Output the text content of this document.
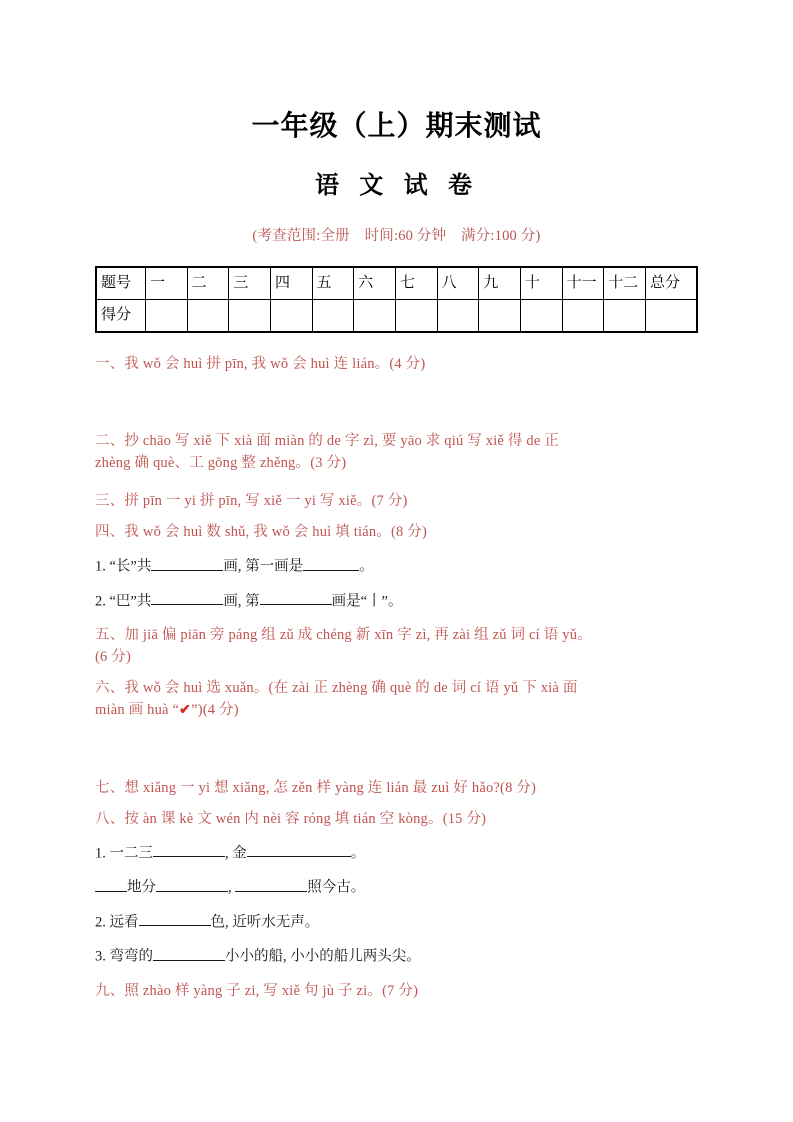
一年级（上）期末测试
语 文 试 卷

(考查范围:全册　时间:60 分钟　满分:100 分)

题号	一	二	三	四	五	六	七	八	九	十	十一	十二	总分
得分													

一、我 wǒ 会 huì 拼 pīn, 我 wǒ 会 huì 连 lián。(4 分)

二、抄 chāo 写 xiě 下 xià 面 miàn 的 de 字 zì, 要 yāo 求 qiú 写 xiě 得 de 正
zhèng 确 què、工 gōng 整 zhěng。(3 分)

三、拼 pīn 一 yi 拼 pīn, 写 xiě 一 yi 写 xiě。(7 分)

四、我 wǒ 会 huì 数 shǔ, 我 wǒ 会 huì 填 tián。(8 分)

1. “长”共	画, 第一画是	。

2. “巴”共	画, 第	画是“丨”。

五、加 jiā 偏 piān 旁 páng 组 zǔ 成 chéng 新 xīn 字 zì, 再 zài 组 zǔ 词 cí 语 yǔ。
(6 分)

六、我 wǒ 会 huì 选 xuǎn。(在 zài 正 zhèng 确 què 的 de 词 cí 语 yǔ 下 xià 面
miàn 画 huà “✔”)(4 分)

七、想 xiǎng 一 yi 想 xiǎng, 怎 zěn 样 yàng 连 lián 最 zuì 好 hǎo?(8 分)

八、按 àn 课 kè 文 wén 内 nèi 容 róng 填 tián 空 kòng。(15 分)

1. 一二三	, 金	。

地分	,	照今古。

2. 远看	色, 近听水无声。

3. 弯弯的	小小的船, 小小的船儿两头尖。

九、照 zhào 样 yàng 子 zi, 写 xiě 句 jù 子 zi。(7 分)
